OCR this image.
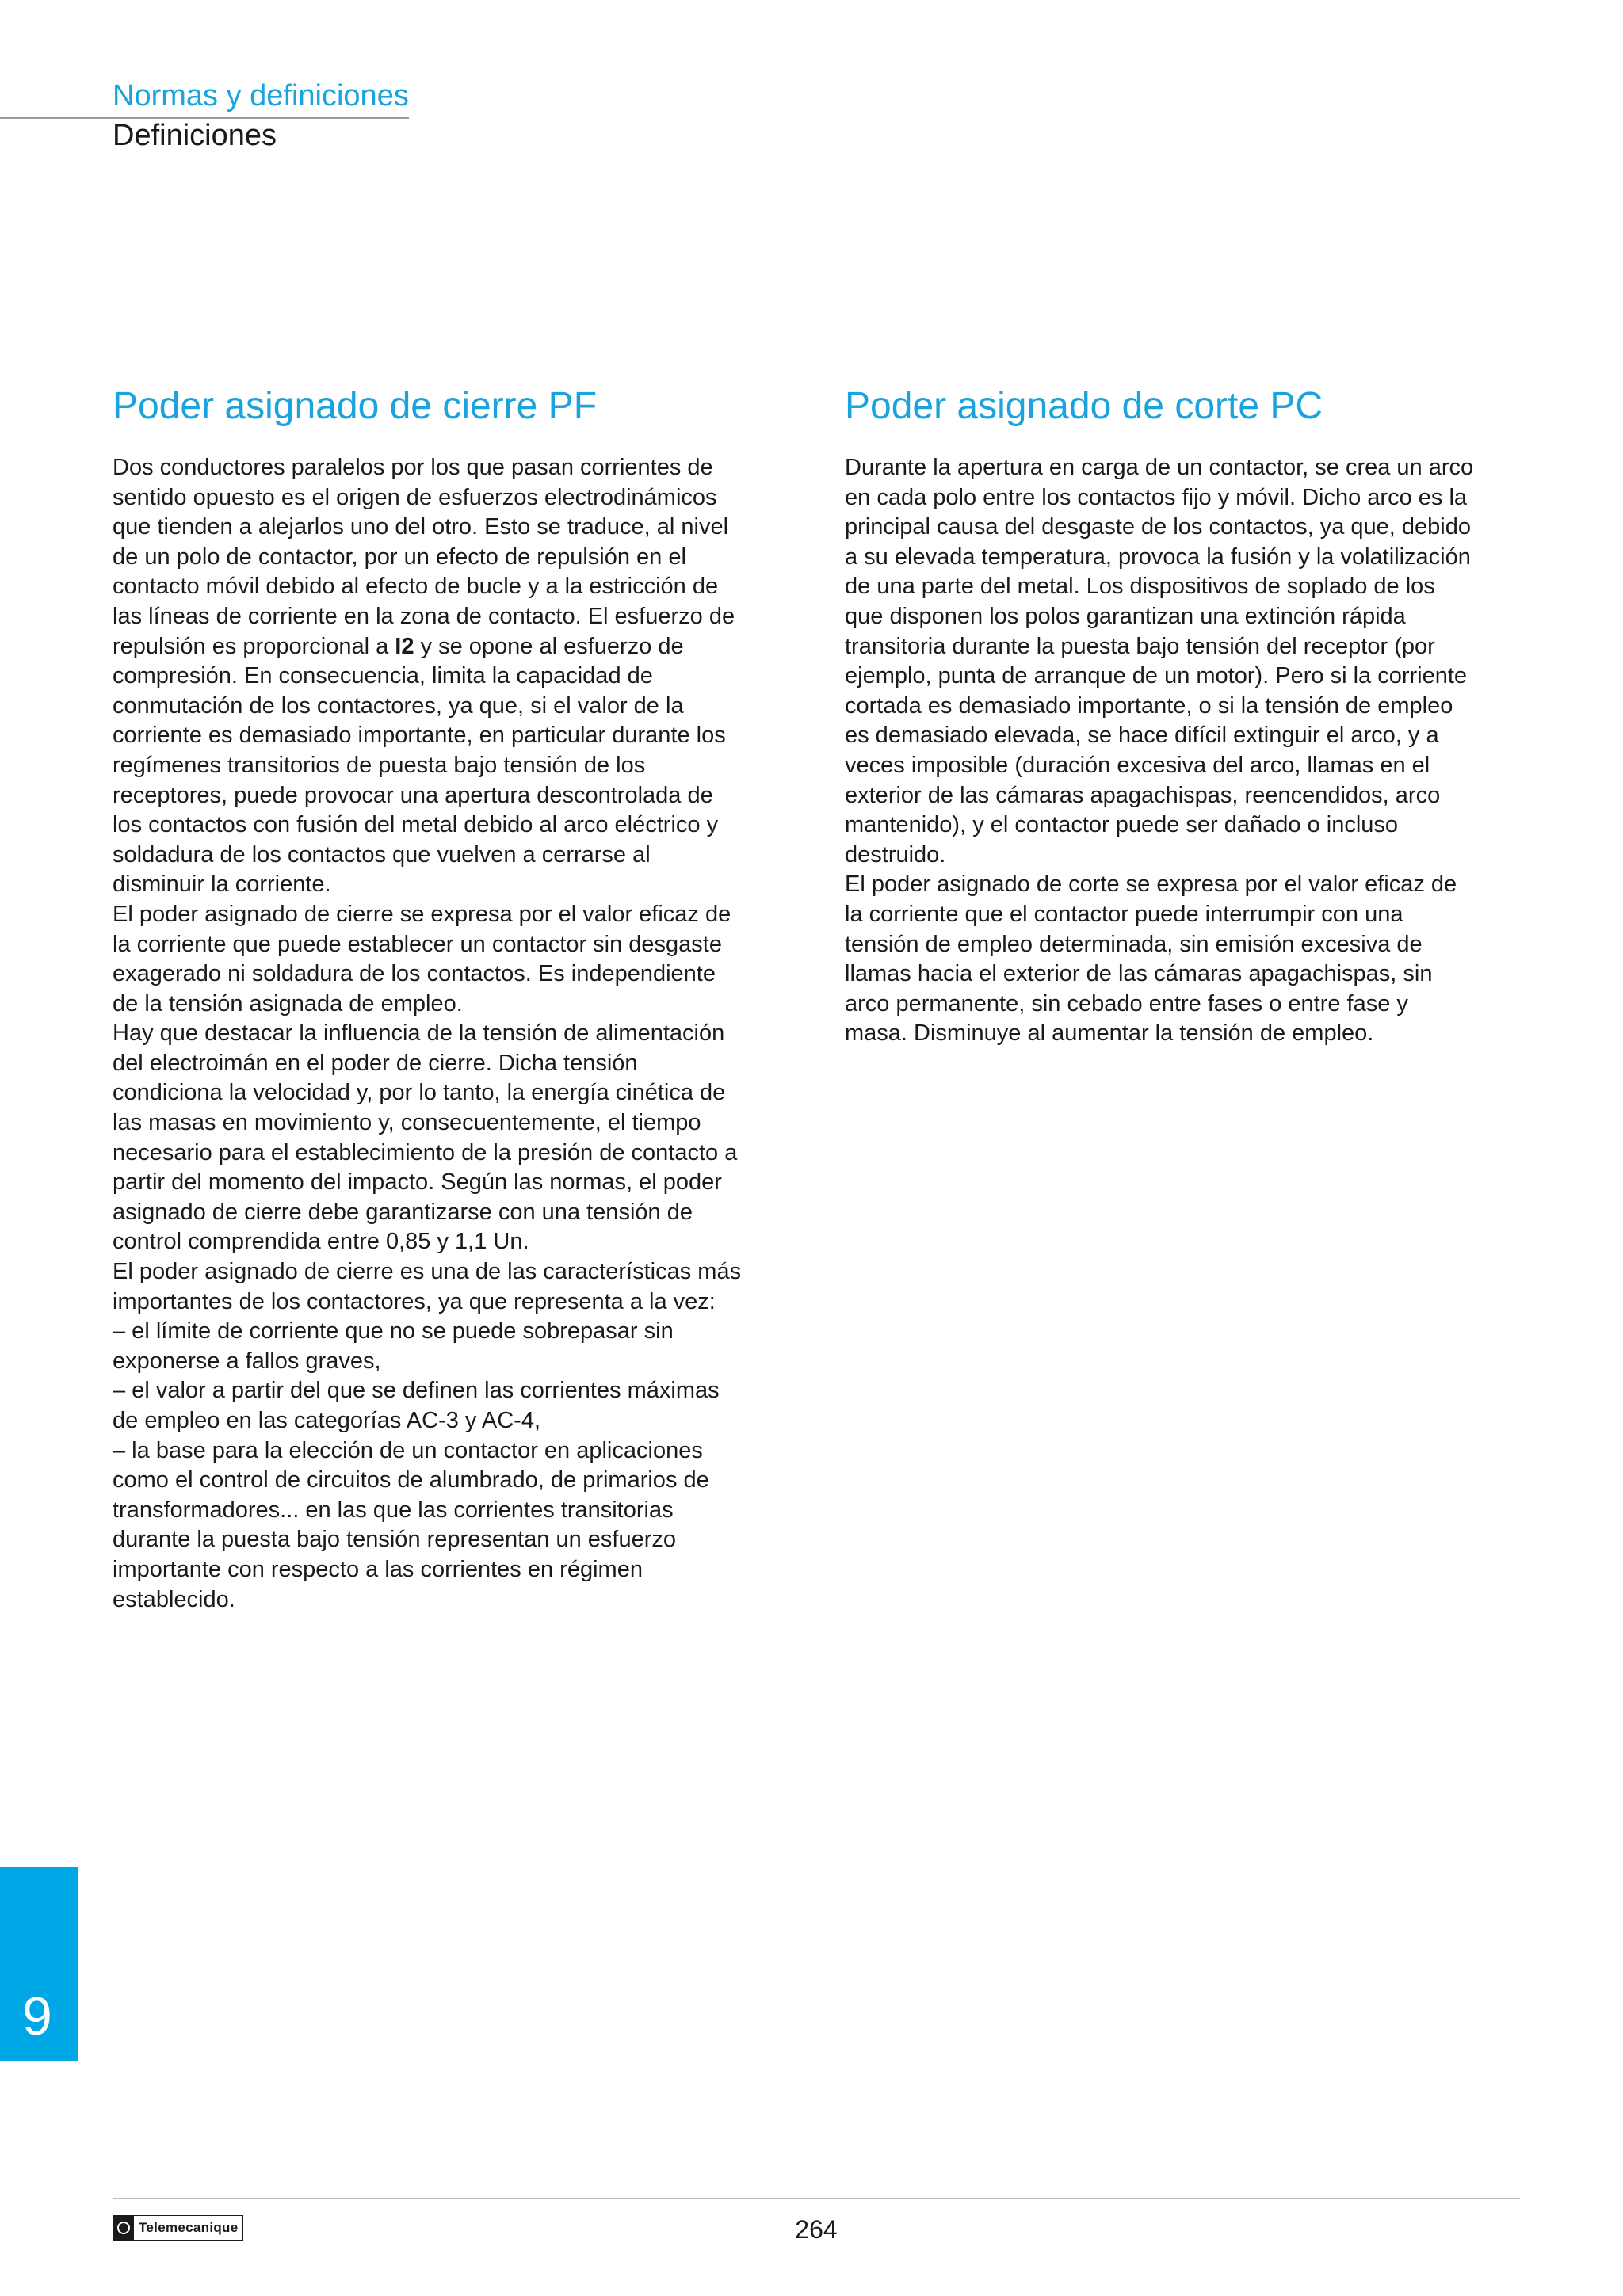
Normas y definiciones
Definiciones
Poder asignado de cierre PF

Dos conductores paralelos por los que pasan corrientes de
sentido opuesto es el origen de esfuerzos electrodinámicos
que tienden a alejarlos uno del otro. Esto se traduce, al nivel
de un polo de contactor, por un efecto de repulsión en el
contacto móvil debido al efecto de bucle y a la estricción de
las líneas de corriente en la zona de contacto. El esfuerzo de
repulsión es proporcional a I2 y se opone al esfuerzo de
compresión. En consecuencia, limita la capacidad de
conmutación de los contactores, ya que, si el valor de la
corriente es demasiado importante, en particular durante los
regímenes transitorios de puesta bajo tensión de los
receptores, puede provocar una apertura descontrolada de
los contactos con fusión del metal debido al arco eléctrico y
soldadura de los contactos que vuelven a cerrarse al
disminuir la corriente.

El poder asignado de cierre se expresa por el valor eficaz de
la corriente que puede establecer un contactor sin desgaste
exagerado ni soldadura de los contactos. Es independiente
de la tensión asignada de empleo.

Hay que destacar la influencia de la tensión de alimentación
del electroimán en el poder de cierre. Dicha tensión
condiciona la velocidad y, por lo tanto, la energía cinética de
las masas en movimiento y, consecuentemente, el tiempo
necesario para el establecimiento de la presión de contacto a
partir del momento del impacto. Según las normas, el poder
asignado de cierre debe garantizarse con una tensión de
control comprendida entre 0,85 y 1,1 Un.

El poder asignado de cierre es una de las características más
importantes de los contactores, ya que representa a la vez:

– el límite de corriente que no se puede sobrepasar sin
exponerse a fallos graves,

– el valor a partir del que se definen las corrientes máximas
de empleo en las categorías AC-3 y AC-4,

– la base para la elección de un contactor en aplicaciones
como el control de circuitos de alumbrado, de primarios de
transformadores... en las que las corrientes transitorias
durante la puesta bajo tensión representan un esfuerzo
importante con respecto a las corrientes en régimen
establecido.

Poder asignado de corte PC

Durante la apertura en carga de un contactor, se crea un arco
en cada polo entre los contactos fijo y móvil. Dicho arco es la
principal causa del desgaste de los contactos, ya que, debido
a su elevada temperatura, provoca la fusión y la volatilización
de una parte del metal. Los dispositivos de soplado de los
que disponen los polos garantizan una extinción rápida
transitoria durante la puesta bajo tensión del receptor (por
ejemplo, punta de arranque de un motor). Pero si la corriente
cortada es demasiado importante, o si la tensión de empleo
es demasiado elevada, se hace difícil extinguir el arco, y a
veces imposible (duración excesiva del arco, llamas en el
exterior de las cámaras apagachispas, reencendidos, arco
mantenido), y el contactor puede ser dañado o incluso
destruido.

El poder asignado de corte se expresa por el valor eficaz de
la corriente que el contactor puede interrumpir con una
tensión de empleo determinada, sin emisión excesiva de
llamas hacia el exterior de las cámaras apagachispas, sin
arco permanente, sin cebado entre fases o entre fase y
masa. Disminuye al aumentar la tensión de empleo.

9
Telemecanique	264
